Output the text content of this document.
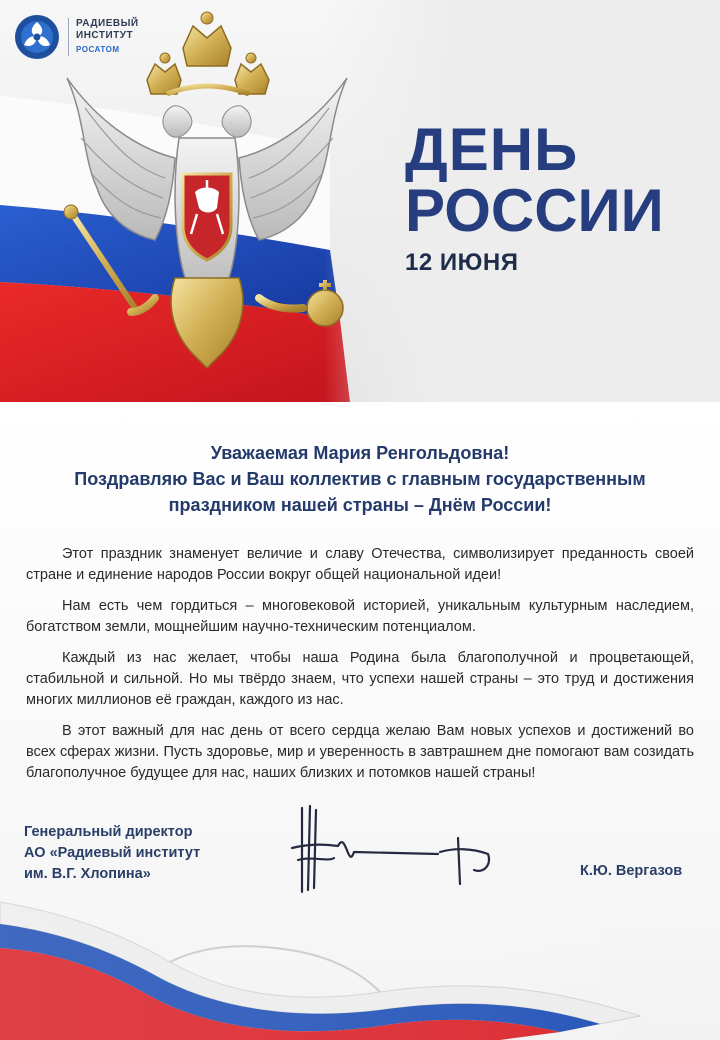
РАДИЕВЫЙ
ИНСТИТУТ
РОСАТОМ
ДЕНЬ
РОССИИ
12 ИЮНЯ
Уважаемая Мария Ренгольдовна!
Поздравляю Вас и Ваш коллектив с главным государственным
праздником нашей страны – Днём России!

Этот праздник знаменует величие и славу Отечества, символизирует преданность своей стране и единение народов России вокруг общей национальной идеи!

Нам есть чем гордиться – многовековой историей, уникальным культурным наследием, богатством земли, мощнейшим научно-техническим потенциалом.

Каждый из нас желает, чтобы наша Родина была благополучной и процветающей, стабильной и сильной. Но мы твёрдо знаем, что успехи нашей страны – это труд и достижения многих миллионов её граждан, каждого из нас.

В этот важный для нас день от всего сердца желаю Вам новых успехов и достижений во всех сферах жизни. Пусть здоровье, мир и уверенность в завтрашнем дне помогают вам созидать благополучное будущее для нас, наших близких и потомков нашей страны!

Генеральный директор
АО «Радиевый институт
им. В.Г. Хлопина»	К.Ю. Вергазов
